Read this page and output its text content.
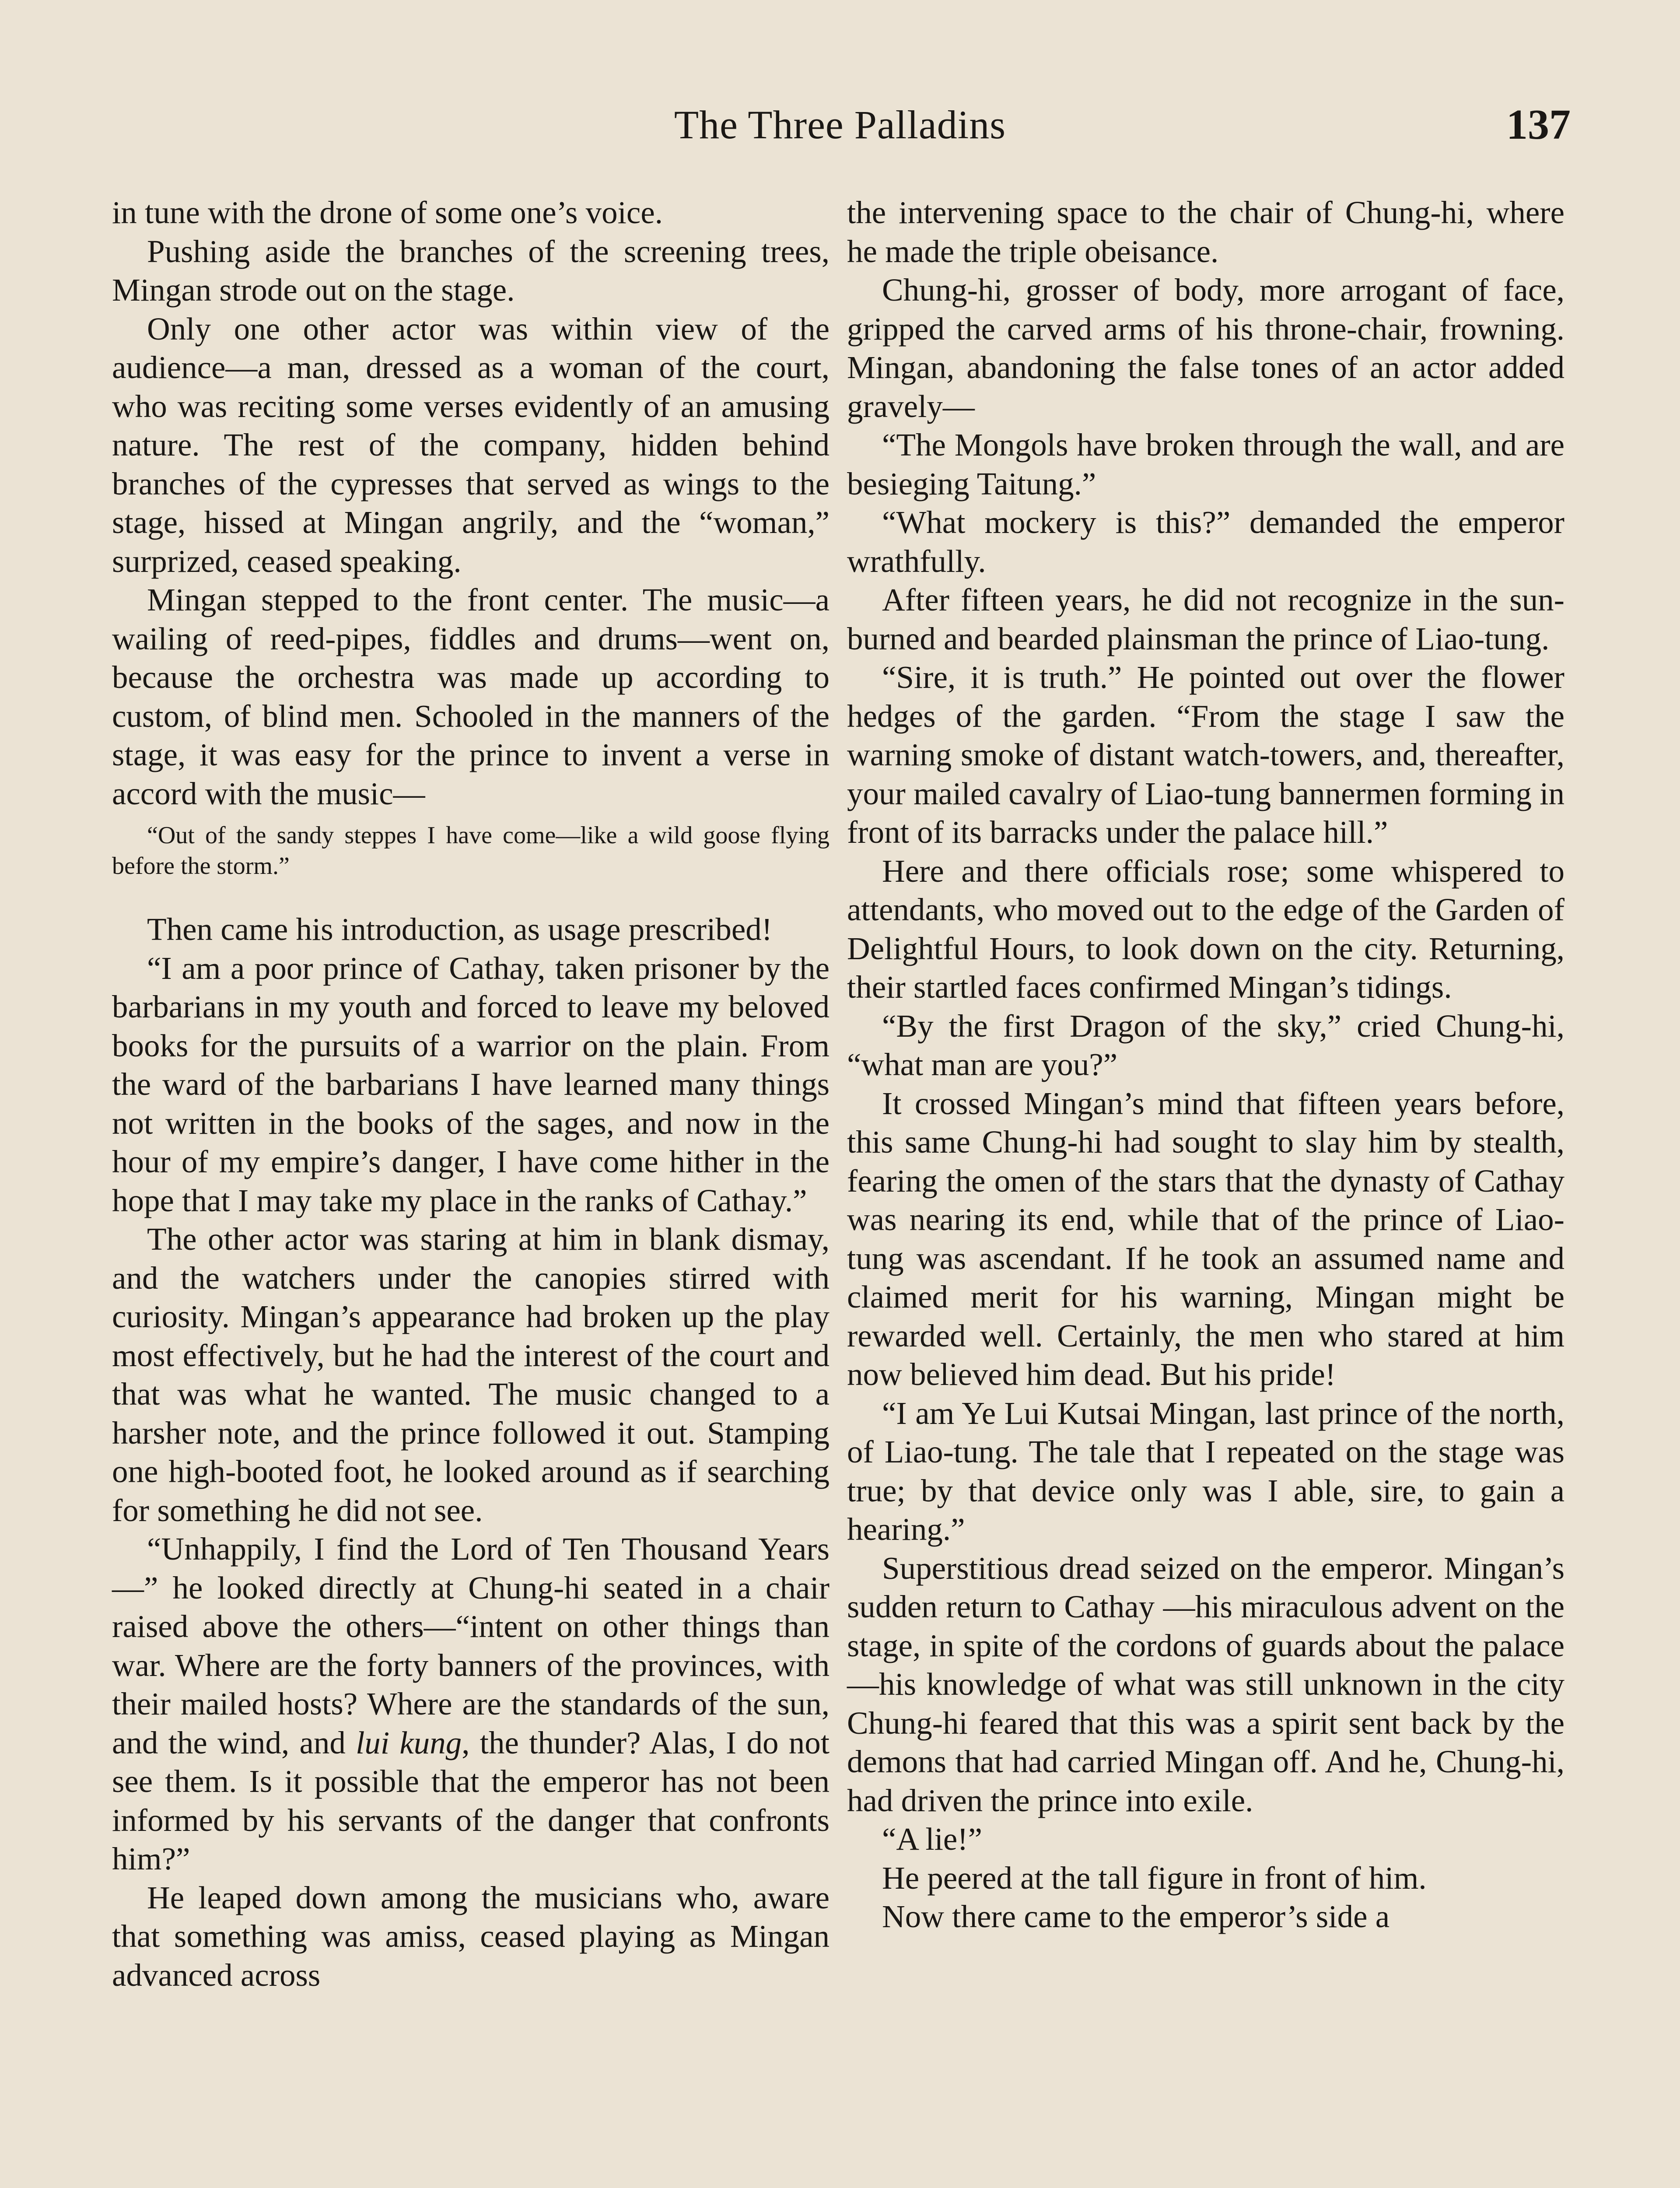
The Three Palladins	137

in tune with the drone of some one’s voice.

Pushing aside the branches of the screening trees, Mingan strode out on the stage.

Only one other actor was within view of the audience—a man, dressed as a woman of the court, who was reciting some verses evidently of an amusing nature. The rest of the company, hidden behind branches of the cypresses that served as wings to the stage, hissed at Mingan angrily, and the “woman,” surprized, ceased speaking.

Mingan stepped to the front center. The music—a wailing of reed-pipes, fiddles and drums—went on, because the orchestra was made up according to custom, of blind men. Schooled in the manners of the stage, it was easy for the prince to invent a verse in accord with the music—

“Out of the sandy steppes I have come—like a wild goose flying before the storm.”

Then came his introduction, as usage prescribed!

“I am a poor prince of Cathay, taken prisoner by the barbarians in my youth and forced to leave my beloved books for the pursuits of a warrior on the plain. From the ward of the barbarians I have learned many things not written in the books of the sages, and now in the hour of my empire’s danger, I have come hither in the hope that I may take my place in the ranks of Cathay.”

The other actor was staring at him in blank dismay, and the watchers under the canopies stirred with curiosity. Mingan’s appearance had broken up the play most effectively, but he had the interest of the court and that was what he wanted. The music changed to a harsher note, and the prince followed it out. Stamping one high-booted foot, he looked around as if searching for something he did not see.

“Unhappily, I find the Lord of Ten Thousand Years—” he looked directly at Chung-hi seated in a chair raised above the others—“intent on other things than war. Where are the forty banners of the provinces, with their mailed hosts? Where are the standards of the sun, and the wind, and lui kung, the thunder? Alas, I do not see them. Is it possible that the emperor has not been informed by his servants of the danger that confronts him?”

He leaped down among the musicians who, aware that something was amiss, ceased playing as Mingan advanced across

the intervening space to the chair of Chung-hi, where he made the triple obeisance.

Chung-hi, grosser of body, more arrogant of face, gripped the carved arms of his throne-chair, frowning. Mingan, abandoning the false tones of an actor added gravely—

“The Mongols have broken through the wall, and are besieging Taitung.”

“What mockery is this?” demanded the emperor wrathfully.

After fifteen years, he did not recognize in the sun-burned and bearded plainsman the prince of Liao-tung.

“Sire, it is truth.” He pointed out over the flower hedges of the garden. “From the stage I saw the warning smoke of distant watch-towers, and, thereafter, your mailed cavalry of Liao-tung bannermen forming in front of its barracks under the palace hill.”

Here and there officials rose; some whispered to attendants, who moved out to the edge of the Garden of Delightful Hours, to look down on the city. Returning, their startled faces confirmed Mingan’s tidings.

“By the first Dragon of the sky,” cried Chung-hi, “what man are you?”

It crossed Mingan’s mind that fifteen years before, this same Chung-hi had sought to slay him by stealth, fearing the omen of the stars that the dynasty of Cathay was nearing its end, while that of the prince of Liao-tung was ascendant. If he took an assumed name and claimed merit for his warning, Mingan might be rewarded well. Certainly, the men who stared at him now believed him dead. But his pride!

“I am Ye Lui Kutsai Mingan, last prince of the north, of Liao-tung. The tale that I repeated on the stage was true; by that device only was I able, sire, to gain a hearing.”

Superstitious dread seized on the emperor. Mingan’s sudden return to Cathay —his miraculous advent on the stage, in spite of the cordons of guards about the palace—his knowledge of what was still unknown in the city Chung-hi feared that this was a spirit sent back by the demons that had carried Mingan off. And he, Chung-hi, had driven the prince into exile.

“A lie!”

He peered at the tall figure in front of him.

Now there came to the emperor’s side a
